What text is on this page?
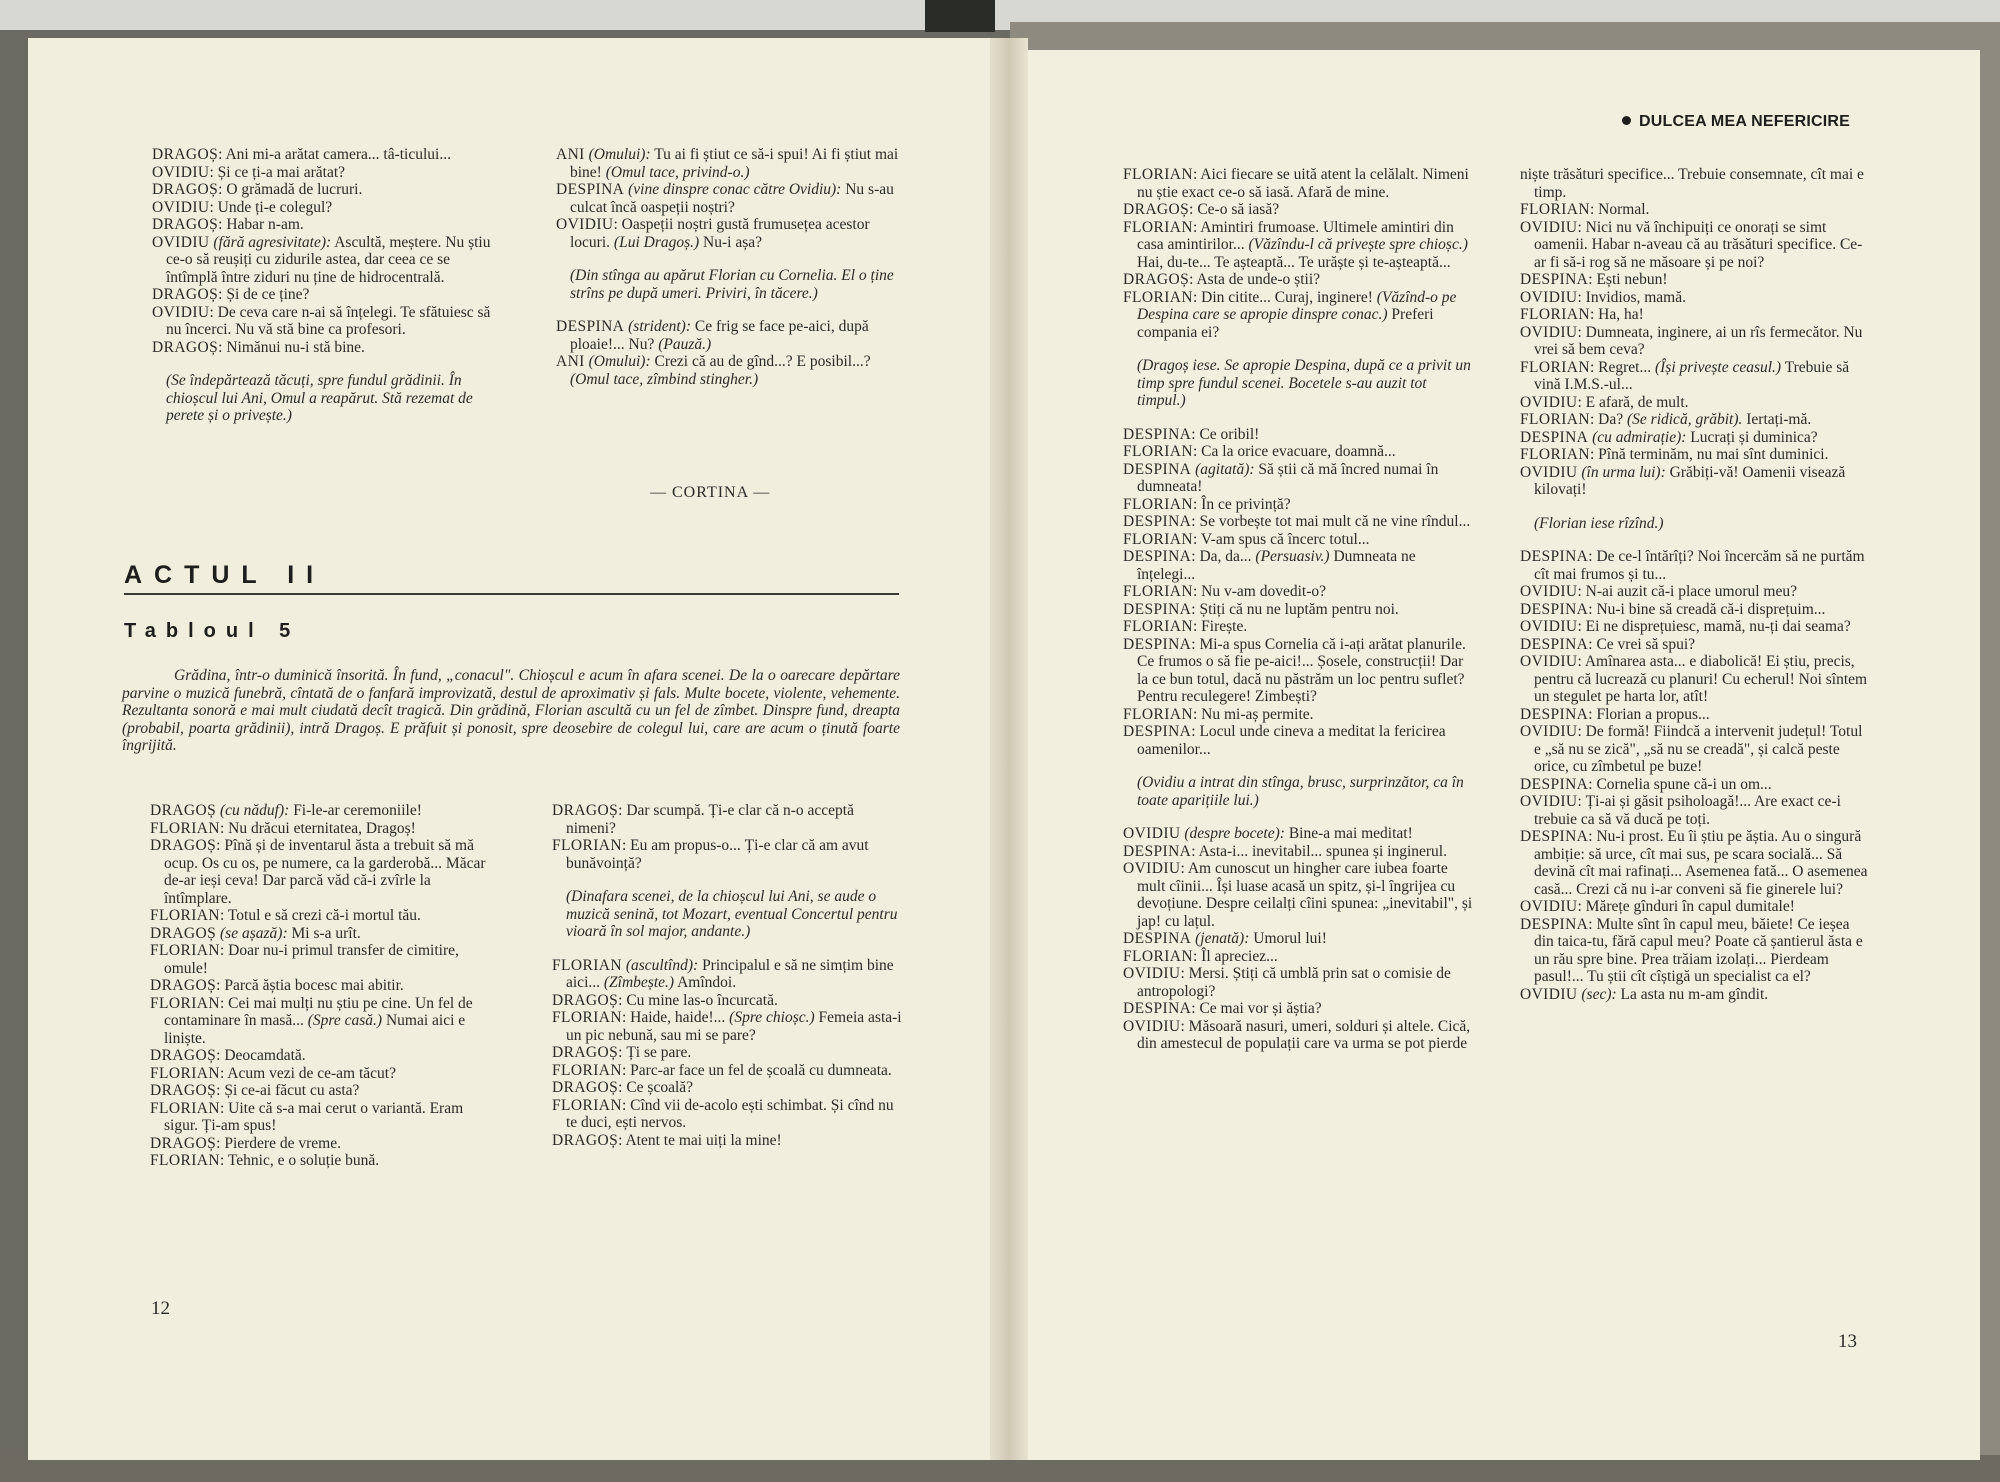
DRAGOȘ: Ani mi-a arătat camera... tâ-ticului...

OVIDIU: Și ce ți-a mai arătat?

DRAGOȘ: O grămadă de lucruri.

OVIDIU: Unde ți-e colegul?

DRAGOȘ: Habar n-am.

OVIDIU (fără agresivitate): Ascultă, meștere. Nu știu ce-o să reușiți cu zidurile astea, dar ceea ce se întîmplă între ziduri nu ține de hidrocentrală.

DRAGOȘ: Și de ce ține?

OVIDIU: De ceva care n-ai să înțelegi. Te sfătuiesc să nu încerci. Nu vă stă bine ca profesori.

DRAGOȘ: Nimănui nu-i stă bine.

(Se îndepărtează tăcuți, spre fundul grădinii. În chioșcul lui Ani, Omul a reapărut. Stă rezemat de perete și o privește.)

ANI (Omului): Tu ai fi știut ce să-i spui! Ai fi știut mai bine! (Omul tace, privind-o.)

DESPINA (vine dinspre conac către Ovidiu): Nu s-au culcat încă oaspeții noștri?

OVIDIU: Oaspeții noștri gustă frumusețea acestor locuri. (Lui Dragoș.) Nu-i așa?

(Din stînga au apărut Florian cu Cornelia. El o ține strîns pe după umeri. Priviri, în tăcere.)

DESPINA (strident): Ce frig se face pe-aici, după ploaie!... Nu? (Pauză.)

ANI (Omului): Crezi că au de gînd...? E posibil...? (Omul tace, zîmbind stingher.)

— CORTINA —
ACTUL II
Tabloul 5
Grădina, într-o duminică însorită. În fund, „conacul". Chioșcul e acum în afara scenei. De la o oarecare depărtare parvine o muzică funebră, cîntată de o fanfară improvizată, destul de aproximativ și fals. Multe bocete, violente, vehemente. Rezultanta sonoră e mai mult ciudată decît tragică. Din grădină, Florian ascultă cu un fel de zîmbet. Dinspre fund, dreapta (probabil, poarta grădinii), intră Dragoș. E prăfuit și ponosit, spre deosebire de colegul lui, care are acum o ținută foarte îngrijită.

DRAGOȘ (cu năduf): Fi-le-ar ceremoniile!

FLORIAN: Nu drăcui eternitatea, Dragoș!

DRAGOȘ: Pînă și de inventarul ăsta a trebuit să mă ocup. Os cu os, pe numere, ca la garderobă... Măcar de-ar ieși ceva! Dar parcă văd că-i zvîrle la întîmplare.

FLORIAN: Totul e să crezi că-i mortul tău.

DRAGOȘ (se așază): Mi s-a urît.

FLORIAN: Doar nu-i primul transfer de cimitire, omule!

DRAGOȘ: Parcă ăștia bocesc mai abitir.

FLORIAN: Cei mai mulți nu știu pe cine. Un fel de contaminare în masă... (Spre casă.) Numai aici e liniște.

DRAGOȘ: Deocamdată.

FLORIAN: Acum vezi de ce-am tăcut?

DRAGOȘ: Și ce-ai făcut cu asta?

FLORIAN: Uite că s-a mai cerut o variantă. Eram sigur. Ți-am spus!

DRAGOȘ: Pierdere de vreme.

FLORIAN: Tehnic, e o soluție bună.

DRAGOȘ: Dar scumpă. Ți-e clar că n-o acceptă nimeni?

FLORIAN: Eu am propus-o... Ți-e clar că am avut bunăvoință?

(Dinafara scenei, de la chioșcul lui Ani, se aude o muzică senină, tot Mozart, eventual Concertul pentru vioară în sol major, andante.)

FLORIAN (ascultînd): Principalul e să ne simțim bine aici... (Zîmbește.) Amîndoi.

DRAGOȘ: Cu mine las-o încurcată.

FLORIAN: Haide, haide!... (Spre chioșc.) Femeia asta-i un pic nebună, sau mi se pare?

DRAGOȘ: Ți se pare.

FLORIAN: Parc-ar face un fel de școală cu dumneata.

DRAGOȘ: Ce școală?

FLORIAN: Cînd vii de-acolo ești schimbat. Și cînd nu te duci, ești nervos.

DRAGOȘ: Atent te mai uiți la mine!

12
DULCEA MEA NEFERICIRE

FLORIAN: Aici fiecare se uită atent la celălalt. Nimeni nu știe exact ce-o să iasă. Afară de mine.

DRAGOȘ: Ce-o să iasă?

FLORIAN: Amintiri frumoase. Ultimele amintiri din casa amintirilor... (Văzîndu-l că privește spre chioșc.) Hai, du-te... Te așteaptă... Te urăște și te-așteaptă...

DRAGOȘ: Asta de unde-o știi?

FLORIAN: Din citite... Curaj, inginere! (Văzînd-o pe Despina care se apropie dinspre conac.) Preferi compania ei?

(Dragoș iese. Se apropie Despina, după ce a privit un timp spre fundul scenei. Bocetele s-au auzit tot timpul.)

DESPINA: Ce oribil!

FLORIAN: Ca la orice evacuare, doamnă...

DESPINA (agitată): Să știi că mă încred numai în dumneata!

FLORIAN: În ce privință?

DESPINA: Se vorbește tot mai mult că ne vine rîndul...

FLORIAN: V-am spus că încerc totul...

DESPINA: Da, da... (Persuasiv.) Dumneata ne înțelegi...

FLORIAN: Nu v-am dovedit-o?

DESPINA: Știți că nu ne luptăm pentru noi.

FLORIAN: Firește.

DESPINA: Mi-a spus Cornelia că i-ați arătat planurile. Ce frumos o să fie pe-aici!... Șosele, construcții! Dar la ce bun totul, dacă nu păstrăm un loc pentru suflet? Pentru reculegere! Zimbești?

FLORIAN: Nu mi-aș permite.

DESPINA: Locul unde cineva a meditat la fericirea oamenilor...

(Ovidiu a intrat din stînga, brusc, surprinzător, ca în toate aparițiile lui.)

OVIDIU (despre bocete): Bine-a mai meditat!

DESPINA: Asta-i... inevitabil... spunea și inginerul.

OVIDIU: Am cunoscut un hingher care iubea foarte mult cîinii... Își luase acasă un spitz, și-l îngrijea cu devoțiune. Despre ceilalți cîini spunea: „inevitabil", și jap! cu lațul.

DESPINA (jenată): Umorul lui!

FLORIAN: Îl apreciez...

OVIDIU: Mersi. Știți că umblă prin sat o comisie de antropologi?

DESPINA: Ce mai vor și ăștia?

OVIDIU: Măsoară nasuri, umeri, solduri și altele. Cică, din amestecul de populații care va urma se pot pierde

niște trăsături specifice... Trebuie consemnate, cît mai e timp.

FLORIAN: Normal.

OVIDIU: Nici nu vă închipuiți ce onorați se simt oamenii. Habar n-aveau că au trăsături specifice. Ce-ar fi să-i rog să ne măsoare și pe noi?

DESPINA: Ești nebun!

OVIDIU: Invidios, mamă.

FLORIAN: Ha, ha!

OVIDIU: Dumneata, inginere, ai un rîs fermecător. Nu vrei să bem ceva?

FLORIAN: Regret... (Își privește ceasul.) Trebuie să vină I.M.S.-ul...

OVIDIU: E afară, de mult.

FLORIAN: Da? (Se ridică, grăbit). Iertați-mă.

DESPINA (cu admirație): Lucrați și duminica?

FLORIAN: Pînă terminăm, nu mai sînt duminici.

OVIDIU (în urma lui): Grăbiți-vă! Oamenii visează kilovați!

(Florian iese rîzînd.)

DESPINA: De ce-l întărîți? Noi încercăm să ne purtăm cît mai frumos și tu...

OVIDIU: N-ai auzit că-i place umorul meu?

DESPINA: Nu-i bine să creadă că-i disprețuim...

OVIDIU: Ei ne disprețuiesc, mamă, nu-ți dai seama?

DESPINA: Ce vrei să spui?

OVIDIU: Amînarea asta... e diabolică! Ei știu, precis, pentru că lucrează cu planuri! Cu echerul! Noi sîntem un stegulet pe harta lor, atît!

DESPINA: Florian a propus...

OVIDIU: De formă! Fiindcă a intervenit județul! Totul e „să nu se zică", „să nu se creadă", și calcă peste orice, cu zîmbetul pe buze!

DESPINA: Cornelia spune că-i un om...

OVIDIU: Ți-ai și găsit psiholoagă!... Are exact ce-i trebuie ca să vă ducă pe toți.

DESPINA: Nu-i prost. Eu îi știu pe ăștia. Au o singură ambiție: să urce, cît mai sus, pe scara socială... Să devină cît mai rafinați... Asemenea fată... O asemenea casă... Crezi că nu i-ar conveni să fie ginerele lui?

OVIDIU: Mărețe gînduri în capul dumitale!

DESPINA: Multe sînt în capul meu, băiete! Ce ieșea din taica-tu, fără capul meu? Poate că șantierul ăsta e un rău spre bine. Prea trăiam izolați... Pierdeam pasul!... Tu știi cît cîștigă un specialist ca el?

OVIDIU (sec): La asta nu m-am gîndit.

13
